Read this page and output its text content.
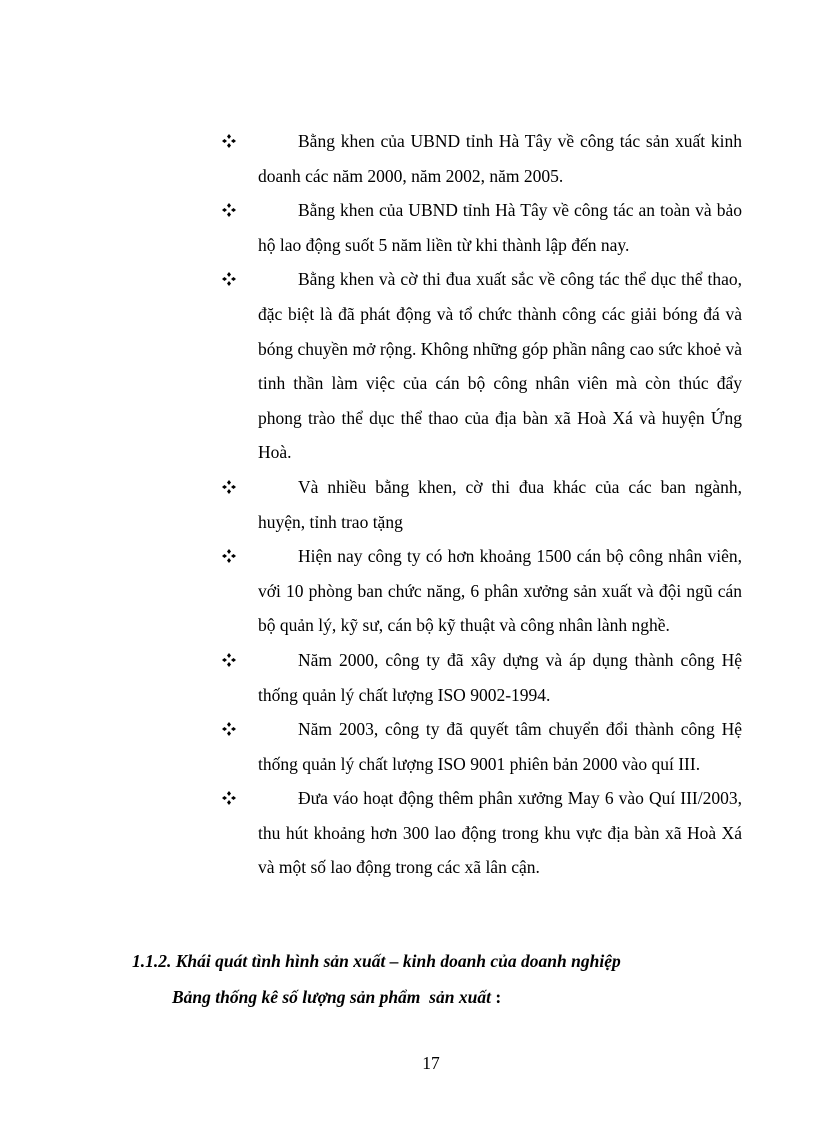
Bằng khen của UBND tỉnh Hà Tây về công tác sản xuất kinh doanh các năm 2000, năm 2002, năm 2005.
Bằng khen của UBND tỉnh Hà Tây về công tác an toàn và bảo hộ lao động suốt 5 năm liền từ khi thành lập đến nay.
Bằng khen và cờ thi đua xuất sắc về công tác thể dục thể thao, đặc biệt là đã phát động và tổ chức thành công các giải bóng đá và bóng chuyền mở rộng. Không những góp phần nâng cao sức khoẻ và tinh thần làm việc của cán bộ công nhân viên mà còn thúc đẩy phong trào thể dục thể thao của địa bàn xã Hoà Xá và huyện Ứng Hoà.
Và nhiều bằng khen, cờ thi đua khác của các ban ngành, huyện, tỉnh trao tặng
Hiện nay công ty có hơn khoảng 1500 cán bộ công nhân viên, với 10 phòng ban chức năng, 6 phân xưởng sản xuất và đội ngũ cán bộ quản lý, kỹ sư, cán bộ kỹ thuật và công nhân lành nghề.
Năm 2000, công ty đã xây dựng và áp dụng thành công Hệ thống quản lý chất lượng ISO 9002-1994.
Năm 2003, công ty đã quyết tâm chuyển đổi thành công Hệ thống quản lý chất lượng ISO 9001 phiên bản 2000 vào quí III.
Đưa váo hoạt động thêm phân xưởng May 6 vào Quí III/2003, thu hút khoảng hơn 300 lao động trong khu vực địa bàn xã Hoà Xá và một số lao động trong các xã lân cận.

1.1.2. Khái quát tình hình sản xuất – kinh doanh của doanh nghiệp

Bảng thống kê số lượng sản phẩm  sản xuất :

17
